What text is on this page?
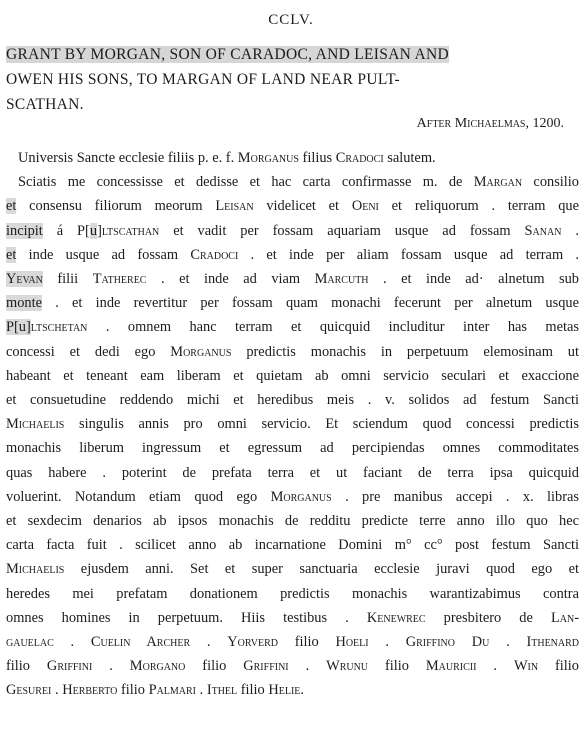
CCLV.
GRANT BY MORGAN, SON OF CARADOC, AND LEISAN AND
OWEN HIS SONS, TO MARGAN OF LAND NEAR PULT-
SCATHAN.
After Michaelmas, 1200.

Universis Sancte ecclesie filiis p. e. f. Morganus filius Cradoci salutem.

Sciatis me concessisse et dedisse et hac carta confirmasse m. de Margan consilio

et consensu filiorum meorum Leisan videlicet et Oeni et reliquorum . terram que

incipit á P[u]ltscathan et vadit per fossam aquariam usque ad fossam Sanan .

et inde usque ad fossam Cradoci . et inde per aliam fossam usque ad terram .

Yevan filii Tatherec . et inde ad viam Marcuth . et inde ad· alnetum sub

monte . et inde revertitur per fossam quam monachi fecerunt per alnetum usque

P[u]ltschetan . omnem hanc terram et quicquid includitur inter has metas

concessi et dedi ego Morganus predictis monachis in perpetuum elemosinam ut

habeant et teneant eam liberam et quietam ab omni servicio seculari et exaccione

et consuetudine reddendo michi et heredibus meis . v. solidos ad festum Sancti

Michaelis singulis annis pro omni servicio. Et sciendum quod concessi predictis

monachis liberum ingressum et egressum ad percipiendas omnes commoditates

quas habere . poterint de prefata terra et ut faciant de terra ipsa quicquid

voluerint. Notandum etiam quod ego Morganus . pre manibus accepi . x. libras

et sexdecim denarios ab ipsos monachis de redditu predicte terre anno illo quo hec

carta facta fuit . scilicet anno ab incarnatione Domini m° cc° post festum Sancti

Michaelis ejusdem anni. Set et super sanctuaria ecclesie juravi quod ego et

heredes mei prefatam donationem predictis monachis warantizabimus contra

omnes homines in perpetuum. Hiis testibus . Kenewrec presbitero de Lan-

gauelac . Cuelin Archer . Yorverd filio Hoeli . Griffino Du . Ithenard

filio Griffini . Morgano filio Griffini . Wrunu filio Mauricii . Win filio

Gesurei . Herberto filio Palmari . Ithel filio Helie.
